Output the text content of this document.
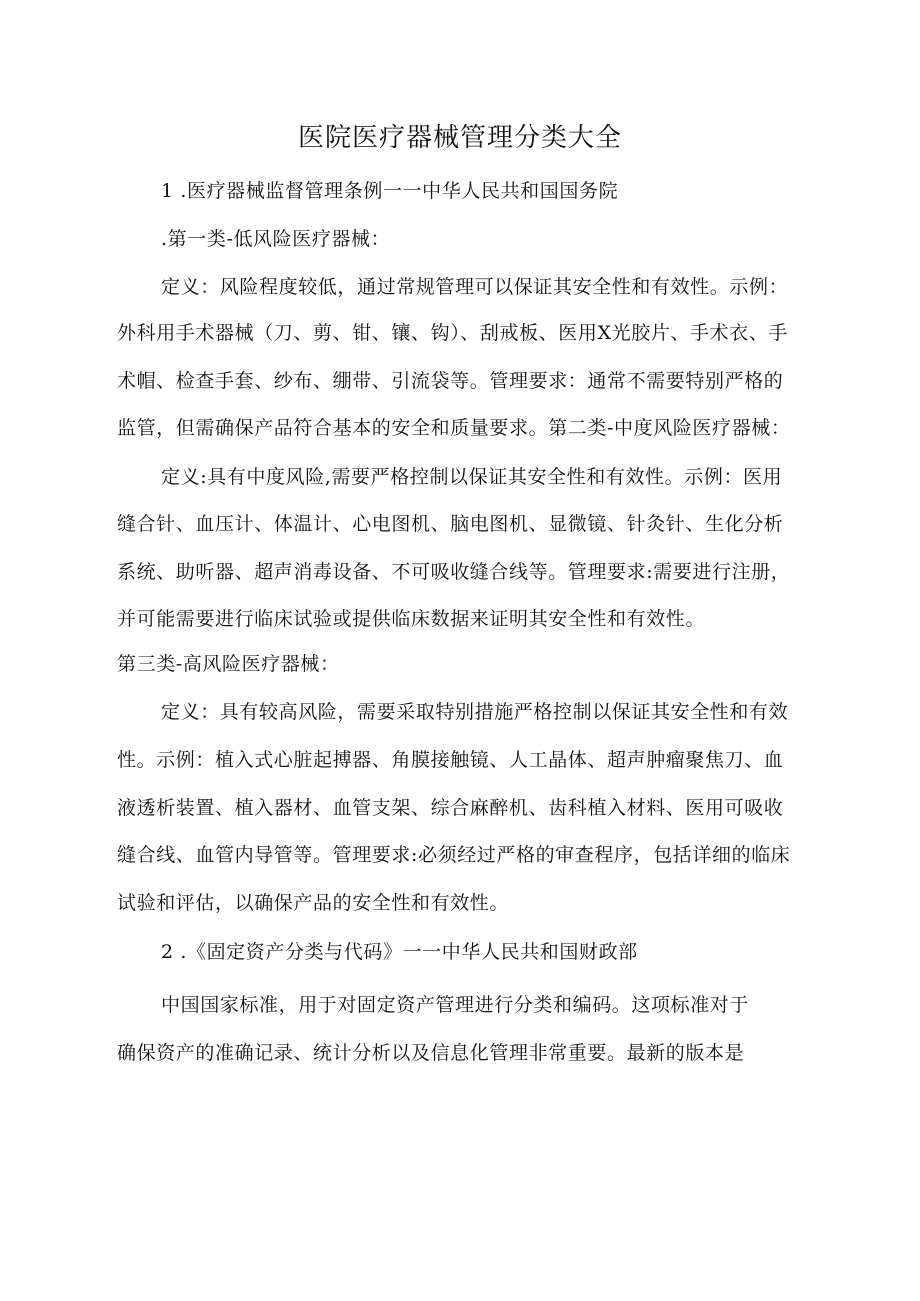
医院医疗器械管理分类大全

1 .医疗器械监督管理条例一一中华人民共和国国务院

.第一类-低风险医疗器械：

定义：风险程度较低，通过常规管理可以保证其安全性和有效性。示例：

外科用手术器械（刀、剪、钳、镶、钩）、刮戒板、医用X光胶片、手术衣、手

术帽、检查手套、纱布、绷带、引流袋等。管理要求：通常不需要特别严格的

监管，但需确保产品符合基本的安全和质量要求。第二类-中度风险医疗器械：

定义:具有中度风险,需要严格控制以保证其安全性和有效性。示例：医用

缝合针、血压计、体温计、心电图机、脑电图机、显微镜、针灸针、生化分析

系统、助听器、超声消毒设备、不可吸收缝合线等。管理要求:需要进行注册，

并可能需要进行临床试验或提供临床数据来证明其安全性和有效性。

第三类-高风险医疗器械：

定义：具有较高风险，需要采取特别措施严格控制以保证其安全性和有效

性。示例：植入式心脏起搏器、角膜接触镜、人工晶体、超声肿瘤聚焦刀、血

液透析装置、植入器材、血管支架、综合麻醉机、齿科植入材料、医用可吸收

缝合线、血管内导管等。管理要求:必须经过严格的审查程序，包括详细的临床

试验和评估，以确保产品的安全性和有效性。

2 .《固定资产分类与代码》一一中华人民共和国财政部

中国国家标准，用于对固定资产管理进行分类和编码。这项标准对于

确保资产的准确记录、统计分析以及信息化管理非常重要。最新的版本是
